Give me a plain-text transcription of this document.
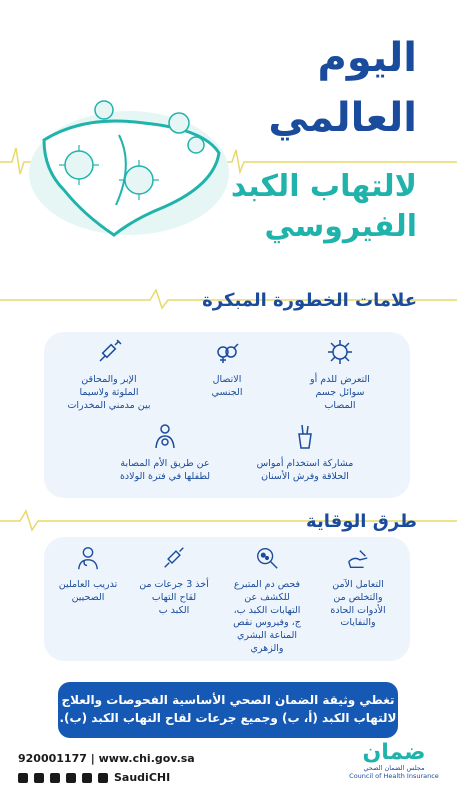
اليوم
العالمي
لالتهاب الكبد
الفيروسي
علامات الخطورة المبكرة
التعرض للدم أو
سوائل جسم
المصاب
الاتصال
الجنسي
الإبر والمحاقن
الملوثة ولاسيما
بين مدمني المخدرات
مشاركة استخدام أمواس
الحلاقة وفرش الأسنان
عن طريق الأم المصابة
لطفلها في فترة الولادة
طرق الوقاية
التعامل الآمن
والتخلص من
الأدوات الحادة
والنفايات
فحص دم المتبرع
للكشف عن
التهابات الكبد ب،
ج، وفيروس نقص
المناعة البشري
والزهري
أخذ 3 جرعات من
لقاح التهاب
الكبد ب
تدريب العاملين
الصحيين
تغطي وثيقة الضمان الصحي الأساسية الفحوصات والعلاج
لالتهاب الكبد (أ، ب) وجميع جرعات لقاح التهاب الكبد (ب).
920001177 | www.chi.gov.sa
SaudiCHI
ضمان
مجلس الضمان الصحي
Council of Health Insurance
